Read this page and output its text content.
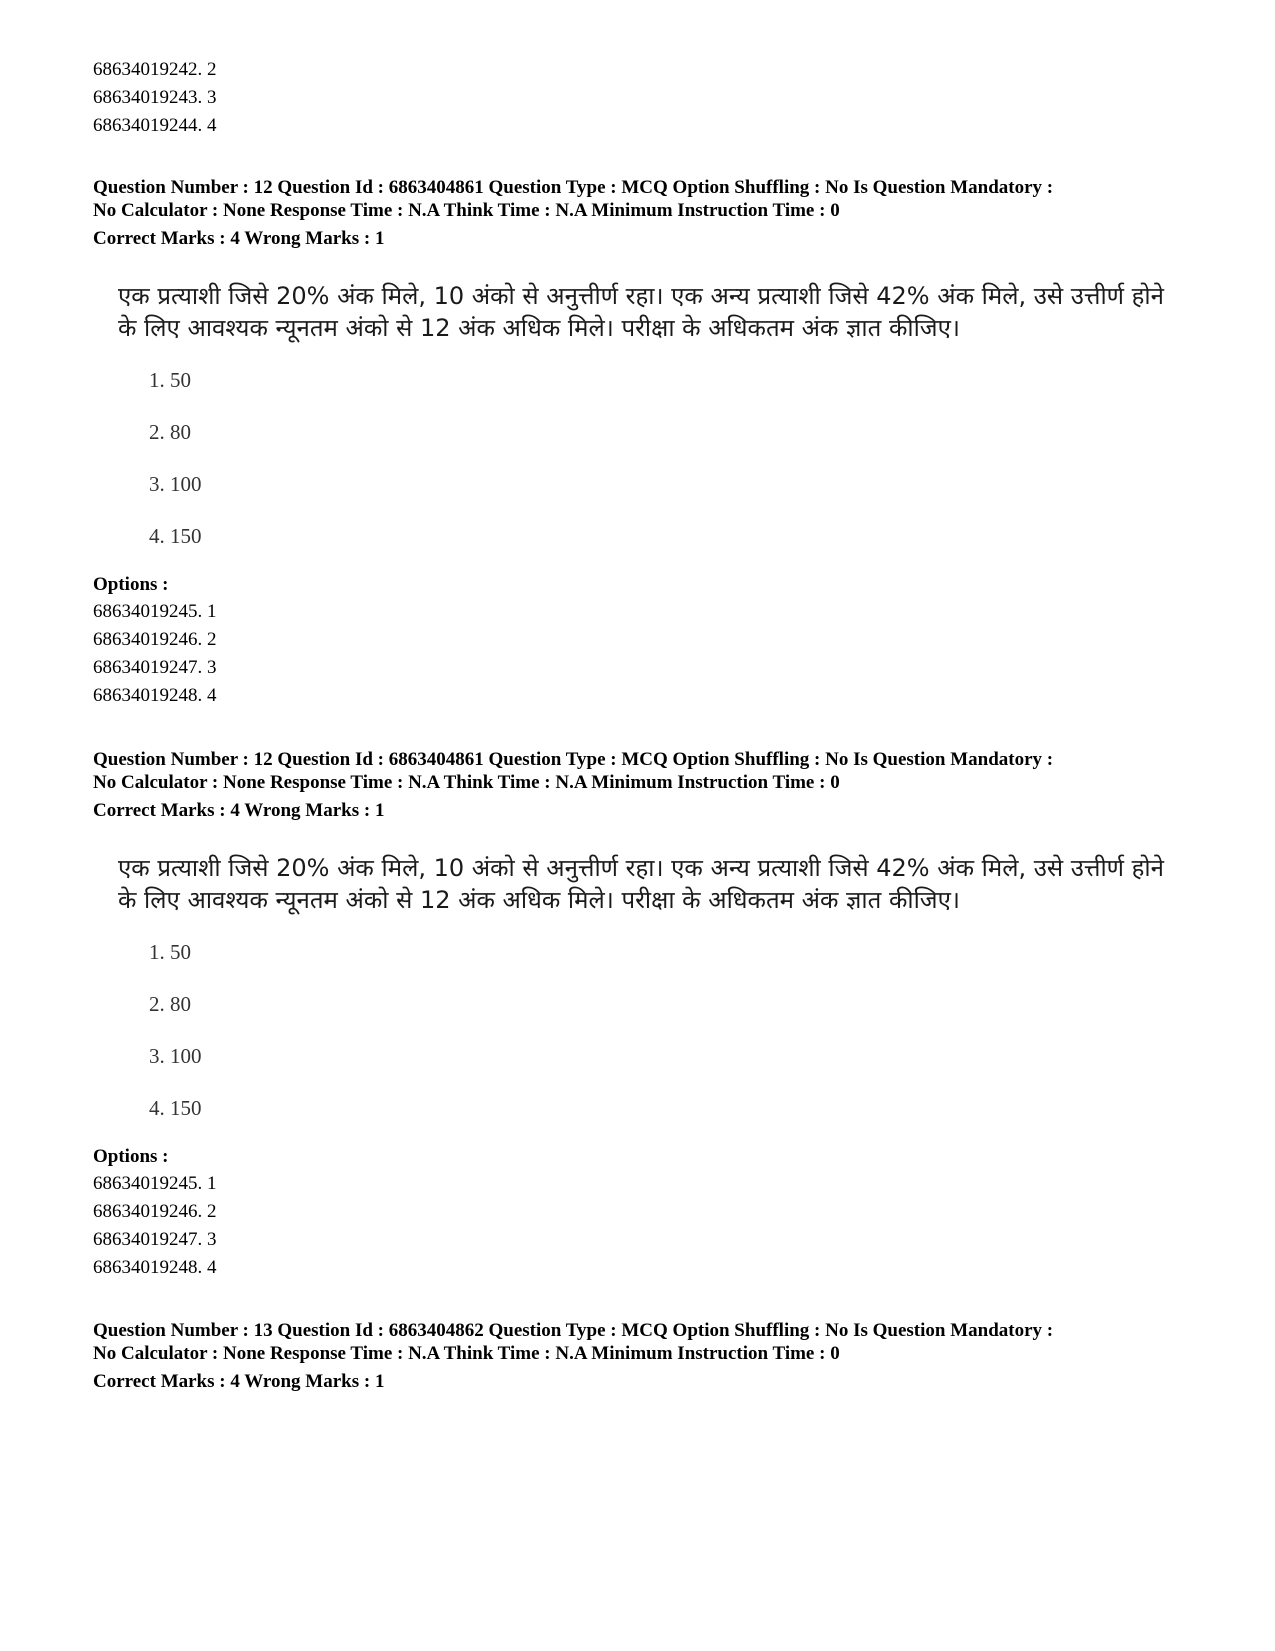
68634019242. 2
68634019243. 3
68634019244. 4
Question Number : 12 Question Id : 6863404861 Question Type : MCQ Option Shuffling : No Is Question Mandatory :
No Calculator : None Response Time : N.A Think Time : N.A Minimum Instruction Time : 0
Correct Marks : 4 Wrong Marks : 1
एक प्रत्याशी जिसे 20% अंक मिले, 10 अंको से अनुत्तीर्ण रहा। एक अन्य प्रत्याशी जिसे 42% अंक मिले, उसे उत्तीर्ण होने
के लिए आवश्यक न्यूनतम अंको से 12 अंक अधिक मिले। परीक्षा के अधिकतम अंक ज्ञात कीजिए।
1. 50
2. 80
3. 100
4. 150
Options :
68634019245. 1
68634019246. 2
68634019247. 3
68634019248. 4
Question Number : 12 Question Id : 6863404861 Question Type : MCQ Option Shuffling : No Is Question Mandatory :
No Calculator : None Response Time : N.A Think Time : N.A Minimum Instruction Time : 0
Correct Marks : 4 Wrong Marks : 1
एक प्रत्याशी जिसे 20% अंक मिले, 10 अंको से अनुत्तीर्ण रहा। एक अन्य प्रत्याशी जिसे 42% अंक मिले, उसे उत्तीर्ण होने
के लिए आवश्यक न्यूनतम अंको से 12 अंक अधिक मिले। परीक्षा के अधिकतम अंक ज्ञात कीजिए।
1. 50
2. 80
3. 100
4. 150
Options :
68634019245. 1
68634019246. 2
68634019247. 3
68634019248. 4
Question Number : 13 Question Id : 6863404862 Question Type : MCQ Option Shuffling : No Is Question Mandatory :
No Calculator : None Response Time : N.A Think Time : N.A Minimum Instruction Time : 0
Correct Marks : 4 Wrong Marks : 1
